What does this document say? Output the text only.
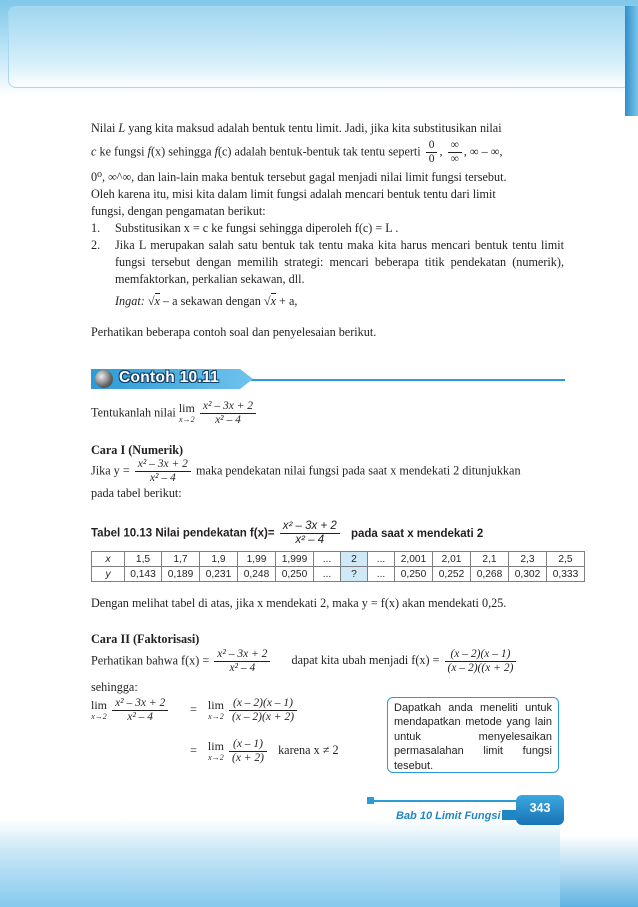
Nilai L yang kita maksud adalah bentuk tentu limit. Jadi, jika kita substitusikan nilai

c ke fungsi f(x) sehingga f(c) adalah bentuk-bentuk tak tentu seperti $\frac{0}{0}$ , $\frac{\infty}{\infty}$ , ∞ – ∞,

0⁰, ∞^∞, dan lain-lain maka bentuk tersebut gagal menjadi nilai limit fungsi tersebut.

Oleh karena itu, misi kita dalam limit fungsi adalah mencari bentuk tentu dari limit

fungsi, dengan pengamatan berikut:

1. Substitusikan x = c ke fungsi sehingga diperoleh f(c) = L .
2. Jika L merupakan salah satu bentuk tak tentu maka kita harus mencari bentuk tentu limit fungsi tersebut dengan memilih strategi: mencari beberapa titik pendekatan (numerik), memfaktorkan, perkalian sekawan, dll.

Ingat: √x – a sekawan dengan √x + a,

Perhatikan beberapa contoh soal dan penyelesaian berikut.

Contoh 10.11
Tentukanlah nilai lim
x→2
$\frac{\text{x² – 3x + 2}}{\text{x² – 4}}$
Cara I (Numerik)
Jika $y = \frac{\text{x² – 3x + 2}}{\text{x² – 4}}$ maka pendekatan nilai fungsi pada saat x mendekati 2 ditunjukkan
pada tabel berikut:
Tabel 10.13 Nilai pendekatan $f(x)= \frac{\text{x² – 3x + 2}}{\text{x² – 4}}$ pada saat x mendekati 2
x	1,5	1,7	1,9	1,99	1,999	...	2	...	2,001	2,01	2,1	2,3	2,5
y	0,143	0,189	0,231	0,248	0,250	...	?	...	0,250	0,252	0,268	0,302	0,333
Dengan melihat tabel di atas, jika x mendekati 2, maka y = f(x) akan mendekati 0,25.
Cara II (Faktorisasi)
Perhatikan bahwa $f(x) = \frac{\text{x² – 3x + 2}}{\text{x² – 4}}$ dapat kita ubah menjadi $f(x) = \frac{(x - 2)(x - 1)}{(x - 2)((x + 2)}$
sehingga:
lim
x→2
$\frac{\text{x² – 3x + 2}}{\text{x² – 4}} = \lim$
x→2
$\frac{(x - 2)(x - 1)}{(x - 2)(x + 2)}$
= lim
x→2
$\frac{(x - 1)}{(x + 2)}$ karena x ≠ 2
Dapatkah anda meneliti untuk mendapatkan metode yang lain untuk menyelesaikan permasalahan limit fungsi tesebut.
Bab 10 Limit Fungsi
343
